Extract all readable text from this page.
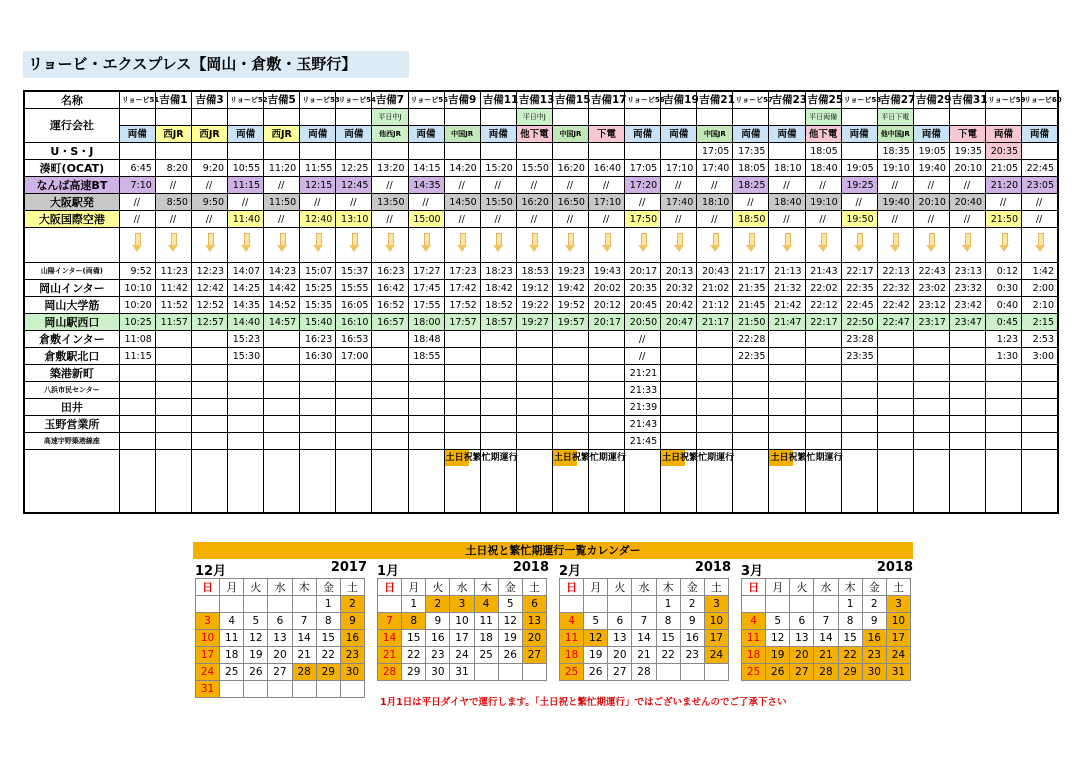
リョービ・エクスプレス【岡山・倉敷・玉野行】
名称	リョービ51	吉備1	吉備3	リョービ52	吉備5	リョービ53	リョービ54	吉備7	リョービ55	吉備9	吉備11	吉備13	吉備15	吉備17	リョービ56	吉備19	吉備21	リョービ57	吉備23	吉備25	リョービ58	吉備27	吉備29	吉備31	リョービ59	リョービ60
運行会社								平日中J				平日中J								平日両備		平日下電				
	両備	西JR	西JR	両備	西JR	両備	両備	他西JR	両備	中国JR	両備	他下電	中国JR	下電	両備	両備	中国JR	両備	両備	他下電	両備	他中国JR	両備	下電	両備	両備
U・S・J																	17:05	17:35		18:05		18:35	19:05	19:35	20:35	
湊町(OCAT)	6:45	8:20	9:20	10:55	11:20	11:55	12:25	13:20	14:15	14:20	15:20	15:50	16:20	16:40	17:05	17:10	17:40	18:05	18:10	18:40	19:05	19:10	19:40	20:10	21:05	22:45
なんば高速BT	7:10	//	//	11:15	//	12:15	12:45	//	14:35	//	//	//	//	//	17:20	//	//	18:25	//	//	19:25	//	//	//	21:20	23:05
大阪駅発	//	8:50	9:50	//	11:50	//	//	13:50	//	14:50	15:50	16:20	16:50	17:10	//	17:40	18:10	//	18:40	19:10	//	19:40	20:10	20:40	//	//
大阪国際空港	//	//	//	11:40	//	12:40	13:10	//	15:00	//	//	//	//	//	17:50	//	//	18:50	//	//	19:50	//	//	//	21:50	//

山陽インター(両備)	9:52	11:23	12:23	14:07	14:23	15:07	15:37	16:23	17:27	17:23	18:23	18:53	19:23	19:43	20:17	20:13	20:43	21:17	21:13	21:43	22:17	22:13	22:43	23:13	0:12	1:42
岡山インター	10:10	11:42	12:42	14:25	14:42	15:25	15:55	16:42	17:45	17:42	18:42	19:12	19:42	20:02	20:35	20:32	21:02	21:35	21:32	22:02	22:35	22:32	23:02	23:32	0:30	2:00
岡山大学筋	10:20	11:52	12:52	14:35	14:52	15:35	16:05	16:52	17:55	17:52	18:52	19:22	19:52	20:12	20:45	20:42	21:12	21:45	21:42	22:12	22:45	22:42	23:12	23:42	0:40	2:10
岡山駅西口	10:25	11:57	12:57	14:40	14:57	15:40	16:10	16:57	18:00	17:57	18:57	19:27	19:57	20:17	20:50	20:47	21:17	21:50	21:47	22:17	22:50	22:47	23:17	23:47	0:45	2:15
倉敷インター	11:08			15:23		16:23	16:53		18:48						//			22:28			23:28				1:23	2:53
倉敷駅北口	11:15			15:30		16:30	17:00		18:55						//			22:35			23:35				1:30	3:00
築港新町															21:21											
八浜市民センター															21:33											
田井															21:39											
玉野営業所															21:43											
高速宇野築港線座															21:45											
										土日祝繁忙期運行			土日祝繁忙期運行			土日祝繁忙期運行			土日祝繁忙期運行							
土日祝と繁忙期運行一覧カレンダー
12月	2017
日	月	火	水	木	金	土
					1	2
3	4	5	6	7	8	9
10	11	12	13	14	15	16
17	18	19	20	21	22	23
24	25	26	27	28	29	30
31						
1月	2018
日	月	火	水	木	金	土
	1	2	3	4	5	6
7	8	9	10	11	12	13
14	15	16	17	18	19	20
21	22	23	24	25	26	27
28	29	30	31			
2月	2018
日	月	火	水	木	金	土
				1	2	3
4	5	6	7	8	9	10
11	12	13	14	15	16	17
18	19	20	21	22	23	24
25	26	27	28			
3月	2018
日	月	火	水	木	金	土
				1	2	3
4	5	6	7	8	9	10
11	12	13	14	15	16	17
18	19	20	21	22	23	24
25	26	27	28	29	30	31
1月1日は平日ダイヤで運行します。「土日祝と繁忙期運行」ではございませんのでご了承下さい
